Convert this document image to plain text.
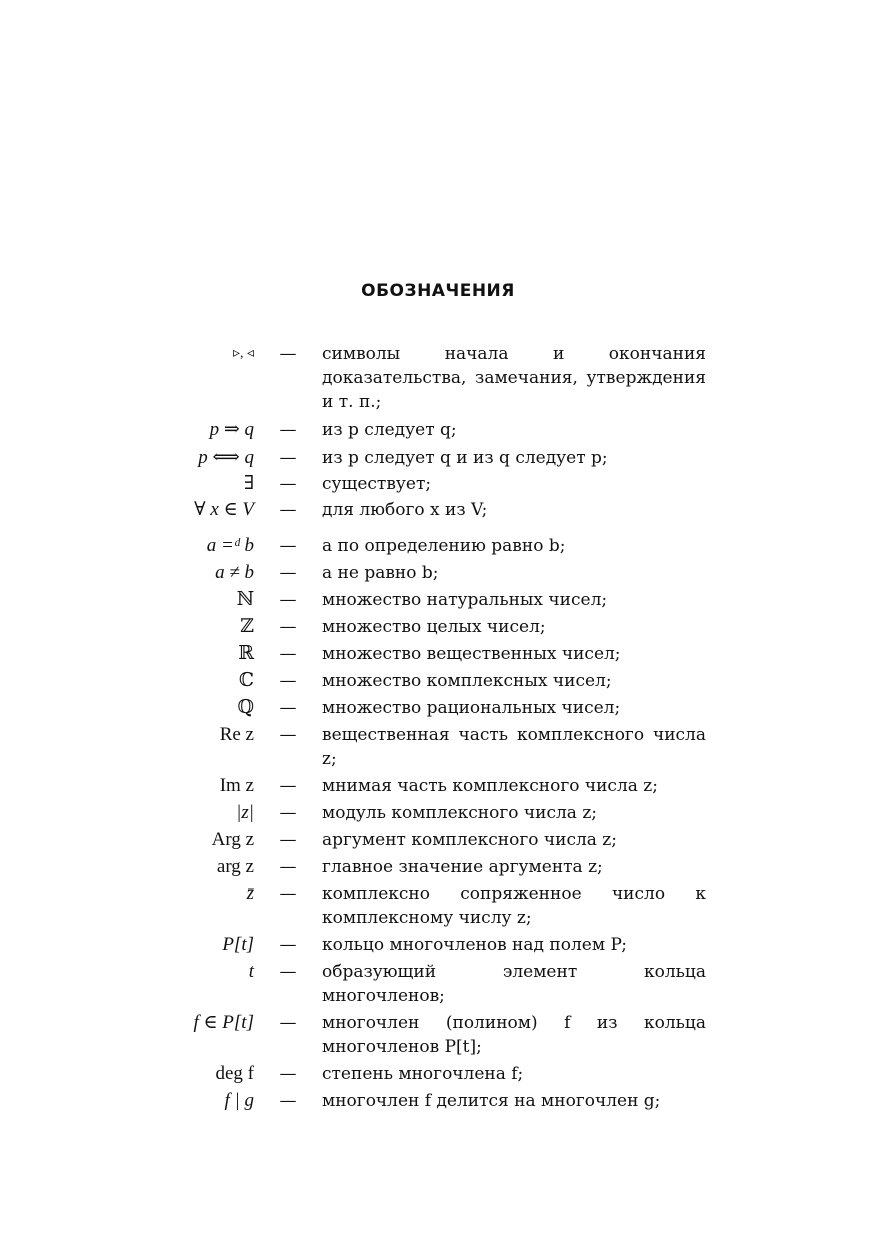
ОБОЗНАЧЕНИЯ
▹, ◃ — символы начала и окончания доказательства, замечания, утверждения и т. п.;
p ⇒ q — из p следует q;
p ⟺ q — из p следует q и из q следует p;
∃ — существует;
∀ x ∈ V — для любого x из V;
a =ᵈ b — a по определению равно b;
a ≠ b — a не равно b;
ℕ — множество натуральных чисел;
ℤ — множество целых чисел;
ℝ — множество вещественных чисел;
ℂ — множество комплексных чисел;
ℚ — множество рациональных чисел;
Re z — вещественная часть комплексного числа z;
Im z — мнимая часть комплексного числа z;
|z| — модуль комплексного числа z;
Arg z — аргумент комплексного числа z;
arg z — главное значение аргумента z;
z̄ — комплексно сопряженное число к комплексному числу z;
P[t] — кольцо многочленов над полем P;
t — образующий элемент кольца многочленов;
f ∈ P[t] — многочлен (полином) f из кольца многочленов P[t];
deg f — степень многочлена f;
f | g — многочлен f делится на многочлен g;
